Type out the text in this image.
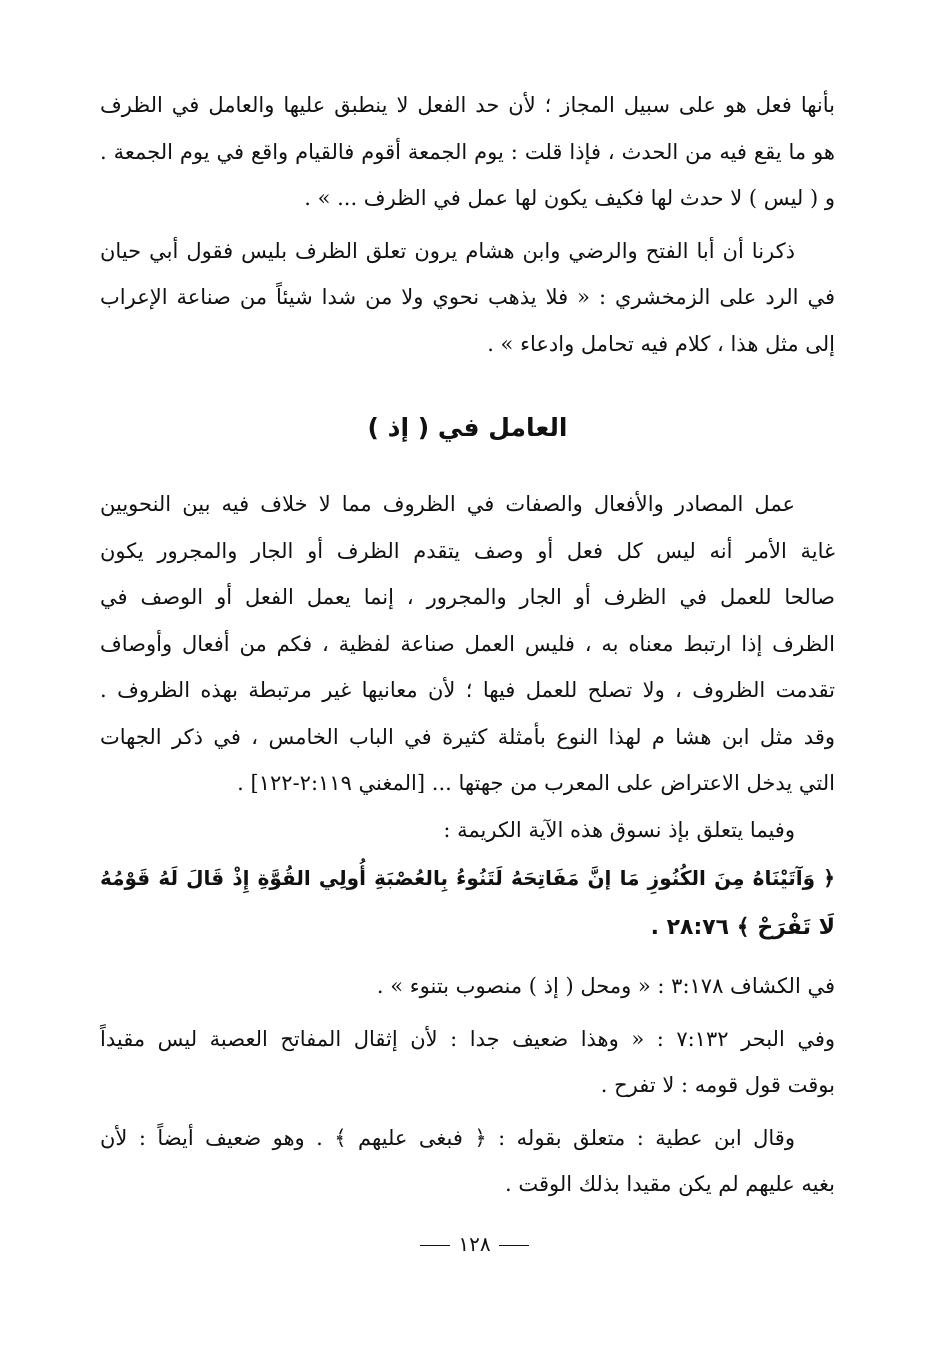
بأنها فعل هو على سبيل المجاز ؛ لأن حد الفعل لا ينطبق عليها والعامل في الظرف
هو ما يقع فيه من الحدث ، فإذا قلت : يوم الجمعة أقوم فالقيام واقع في يوم الجمعة .
و ( ليس ) لا حدث لها فكيف يكون لها عمل في الظرف ... » .

ذكرنا أن أبا الفتح والرضي وابن هشام يرون تعلق الظرف بليس فقول أبي حيان
في الرد على الزمخشري : « فلا يذهب نحوي ولا من شدا شيئاً من صناعة الإعراب
إلى مثل هذا ، كلام فيه تحامل وادعاء » .

العامل في ( إذ )

عمل المصادر والأفعال والصفات في الظروف مما لا خلاف فيه بين النحويين
غاية الأمر أنه ليس كل فعل أو وصف يتقدم الظرف أو الجار والمجرور يكون
صالحا للعمل في الظرف أو الجار والمجرور ، إنما يعمل الفعل أو الوصف في
الظرف إذا ارتبط معناه به ، فليس العمل صناعة لفظية ، فكم من أفعال وأوصاف
تقدمت الظروف ، ولا تصلح للعمل فيها ؛ لأن معانيها غير مرتبطة بهذه الظروف .
وقد مثل ابن هشا م لهذا النوع بأمثلة كثيرة في الباب الخامس ، في ذكر الجهات
التي يدخل الاعتراض على المعرب من جهتها ... [المغني ٢:١١٩-١٢٢] .

وفيما يتعلق بإذ نسوق هذه الآية الكريمة :

﴿ وَآتَيْنَاهُ مِنَ الكُنُوزِ مَا إنَّ مَفَاتِحَهُ لَتَنُوءُ بِالعُصْبَةِ أُولِي القُوَّةِ إِذْ قَالَ لَهُ قَوْمُهُ
لَا تَفْرَحْ ﴾ ٢٨:٧٦ .

في الكشاف ٣:١٧٨ : « ومحل ( إذ ) منصوب بتنوء » .

وفي البحر ٧:١٣٢ : « وهذا ضعيف جدا : لأن إثقال المفاتح العصبة ليس مقيداً
بوقت قول قومه : لا تفرح .

وقال ابن عطية : متعلق بقوله : ﴿ فبغى عليهم ﴾ . وهو ضعيف أيضاً : لأن
بغيه عليهم لم يكن مقيدا بذلك الوقت .

١٢٨
